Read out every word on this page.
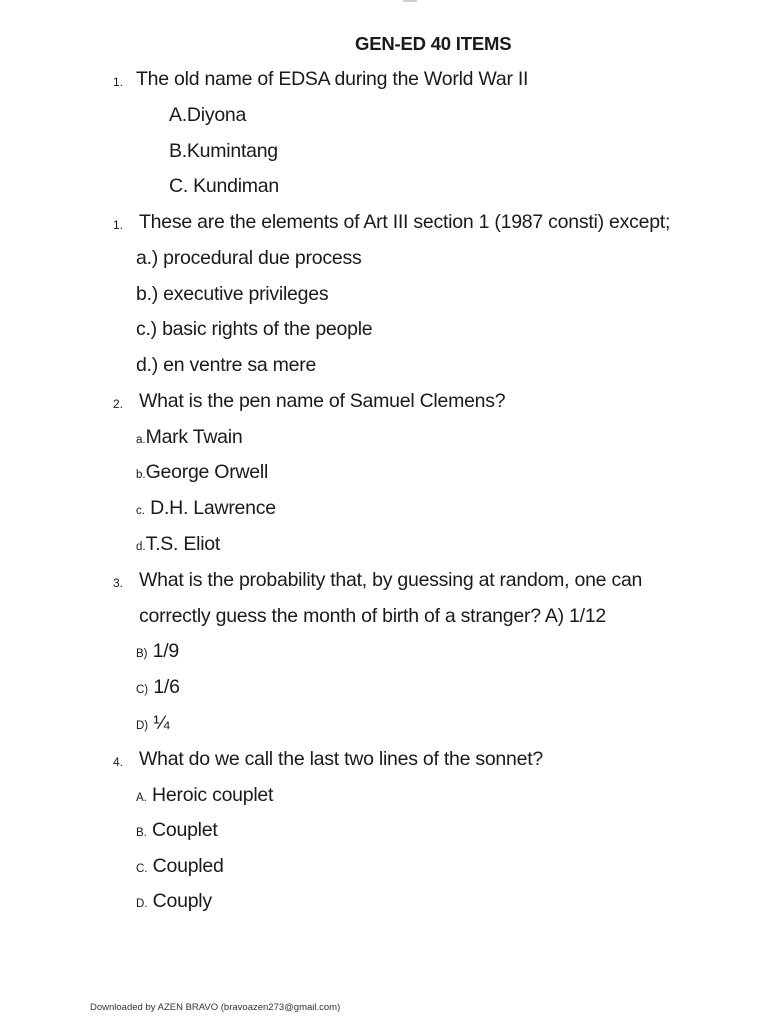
GEN-ED 40 ITEMS
1. The old name of EDSA during the World War II
A.Diyona
B.Kumintang
C. Kundiman
1. These are the elements of Art III section 1 (1987 consti) except;
a.) procedural due process
b.) executive privileges
c.) basic rights of the people
d.) en ventre sa mere
2. What is the pen name of Samuel Clemens?
a.Mark Twain
b.George Orwell
c. D.H. Lawrence
d.T.S. Eliot
3. What is the probability that, by guessing at random, one can
correctly guess the month of birth of a stranger? A) 1/12
B) 1/9
C) 1/6
D) ¼
4. What do we call the last two lines of the sonnet?
A. Heroic couplet
B. Couplet
C. Coupled
D. Couply
Downloaded by AZEN BRAVO (bravoazen273@gmail.com)
